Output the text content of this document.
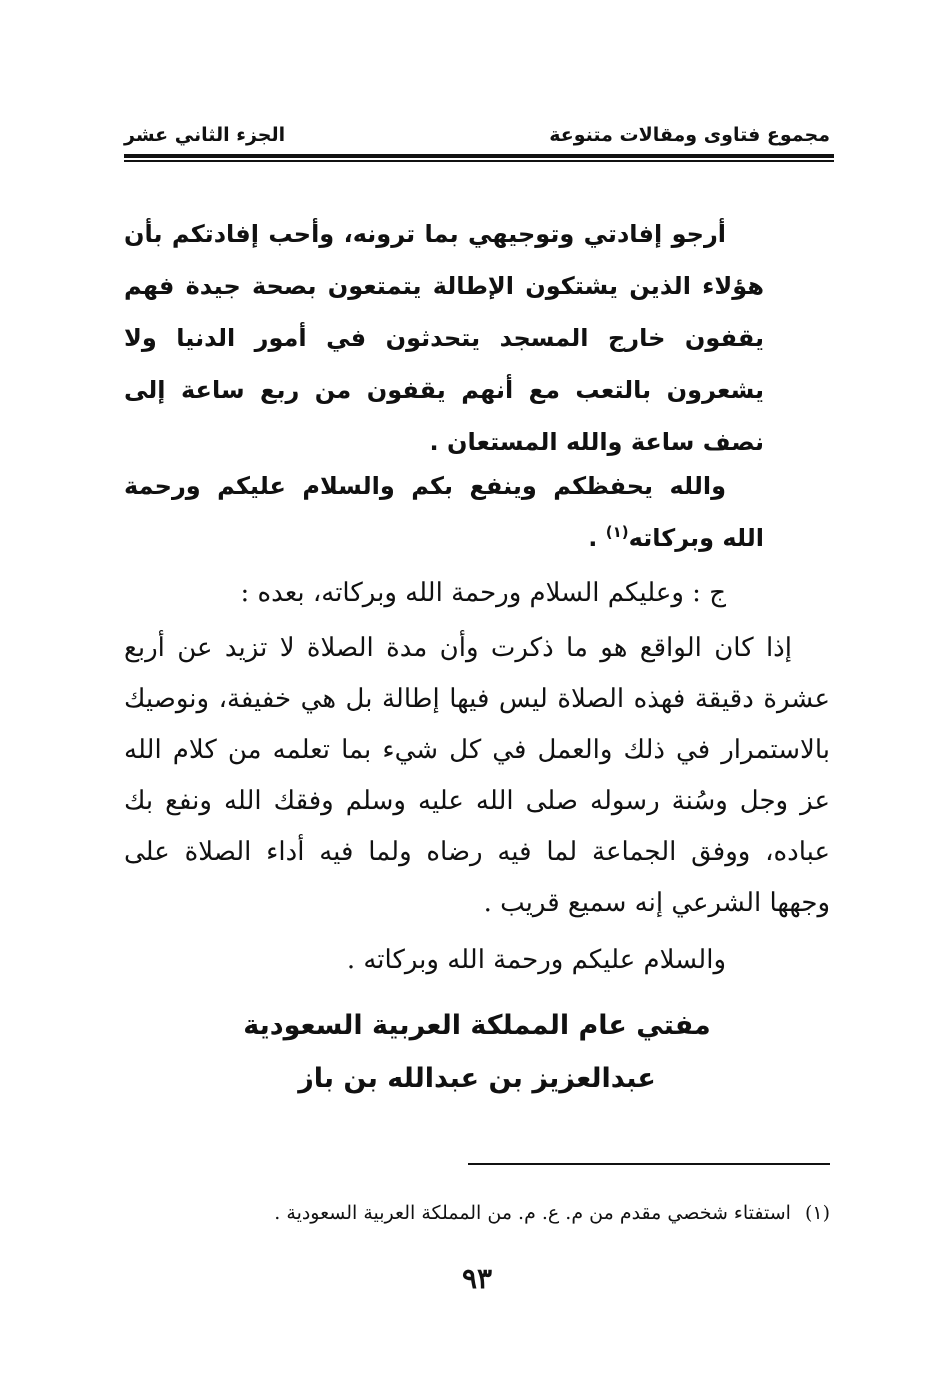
مجموع فتاوى ومقالات متنوعة
الجزء الثاني عشر
أرجو إفادتي وتوجيهي بما ترونه، وأحب إفادتكم بأن هؤلاء الذين يشتكون الإطالة يتمتعون بصحة جيدة فهم يقفون خارج المسجد يتحدثون في أمور الدنيا ولا يشعرون بالتعب مع أنهم يقفون من ربع ساعة إلى نصف ساعة والله المستعان .
والله يحفظكم وينفع بكم والسلام عليكم ورحمة الله وبركاته$^{(١)}$ .
ج : وعليكم السلام ورحمة الله وبركاته، بعده :
إذا كان الواقع هو ما ذكرت وأن مدة الصلاة لا تزيد عن أربع عشرة دقيقة فهذه الصلاة ليس فيها إطالة بل هي خفيفة، ونوصيك بالاستمرار في ذلك والعمل في كل شيء بما تعلمه من كلام الله عز وجل وسُنة رسوله صلى الله عليه وسلم وفقك الله ونفع بك عباده، ووفق الجماعة لما فيه رضاه ولما فيه أداء الصلاة على وجهها الشرعي إنه سميع قريب .
والسلام عليكم ورحمة الله وبركاته .
مفتي عام المملكة العربية السعودية
عبدالعزيز بن عبدالله بن باز
(١)استفتاء شخصي مقدم من م. ع. م. من المملكة العربية السعودية .
٩٣
